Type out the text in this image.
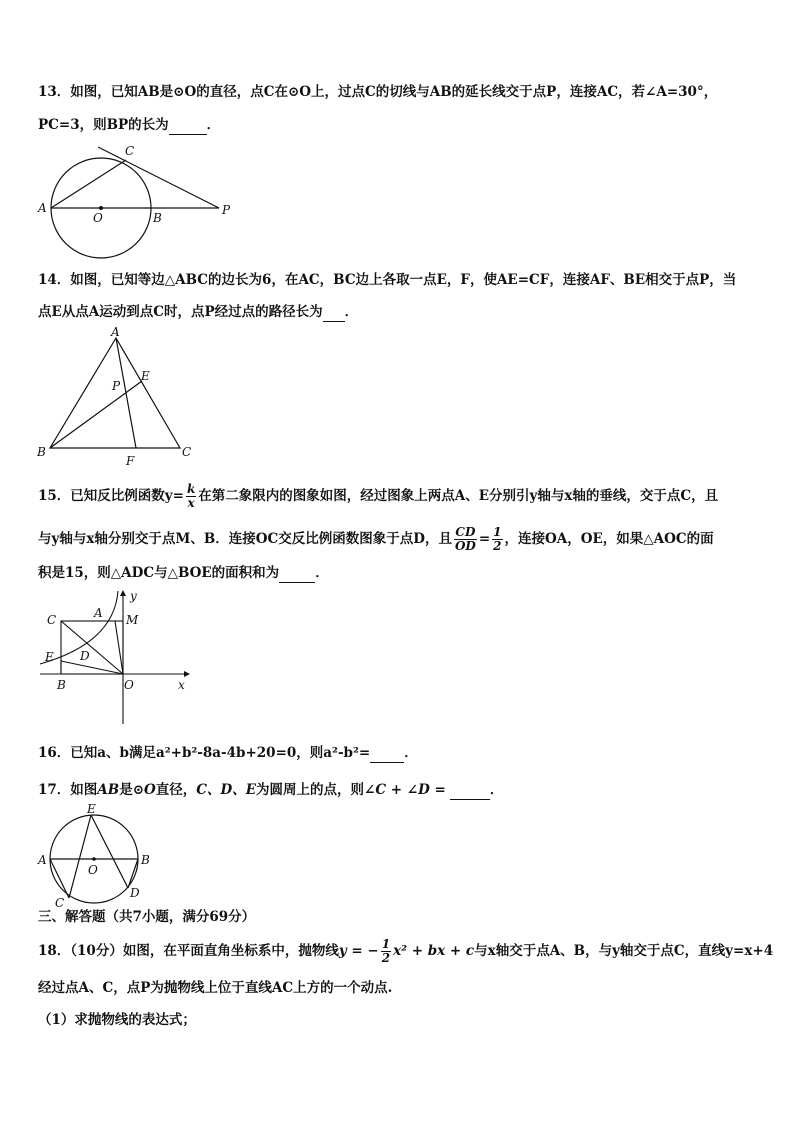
13．如图，已知AB是⊙O的直径，点C在⊙O上，过点C的切线与AB的延长线交于点P，连接AC，若∠A=30°，
PC=3，则BP的长为	．
C
A
O	B
P
14．如图，已知等边△ABC的边长为6，在AC，BC边上各取一点E，F，使AE=CF，连接AF、BE相交于点P，当
点E从点A运动到点C时，点P经过点的路径长为 ．
A
P
E
B
F
C
15．已知反比例函数$y= \frac{k}{x}$ 在第二象限内的图象如图，经过图象上两点A、E分别引y轴与x轴的垂线，交于点C，且
与y轴与x轴分别交于点M、B．连接OC交反比例函数图象于点D，且 $\frac{CD}{OD} = \frac{1}{2}$ ，连接OA，OE，如果△AOC的面
积是15，则△ADC与△BOE的面积和为	．
y
C	A M
E D
B	O	x
16．已知a、b满足a²+b²-8a-4b+20=0，则a²-b²=	．
17．如图AB是⊙O直径，C、D、E为圆周上的点，则∠C + ∠D =	．
E
A
O
B
C
D
三、解答题（共7小题，满分69分）
18．（10分）如图，在平面直角坐标系中，抛物线y = − $\frac{1}{2} x^2$ + bx + c与x轴交于点A、B，与y轴交于点C，直线y=x+4
经过点A、C，点P为抛物线上位于直线AC上方的一个动点.
（1）求抛物线的表达式；
